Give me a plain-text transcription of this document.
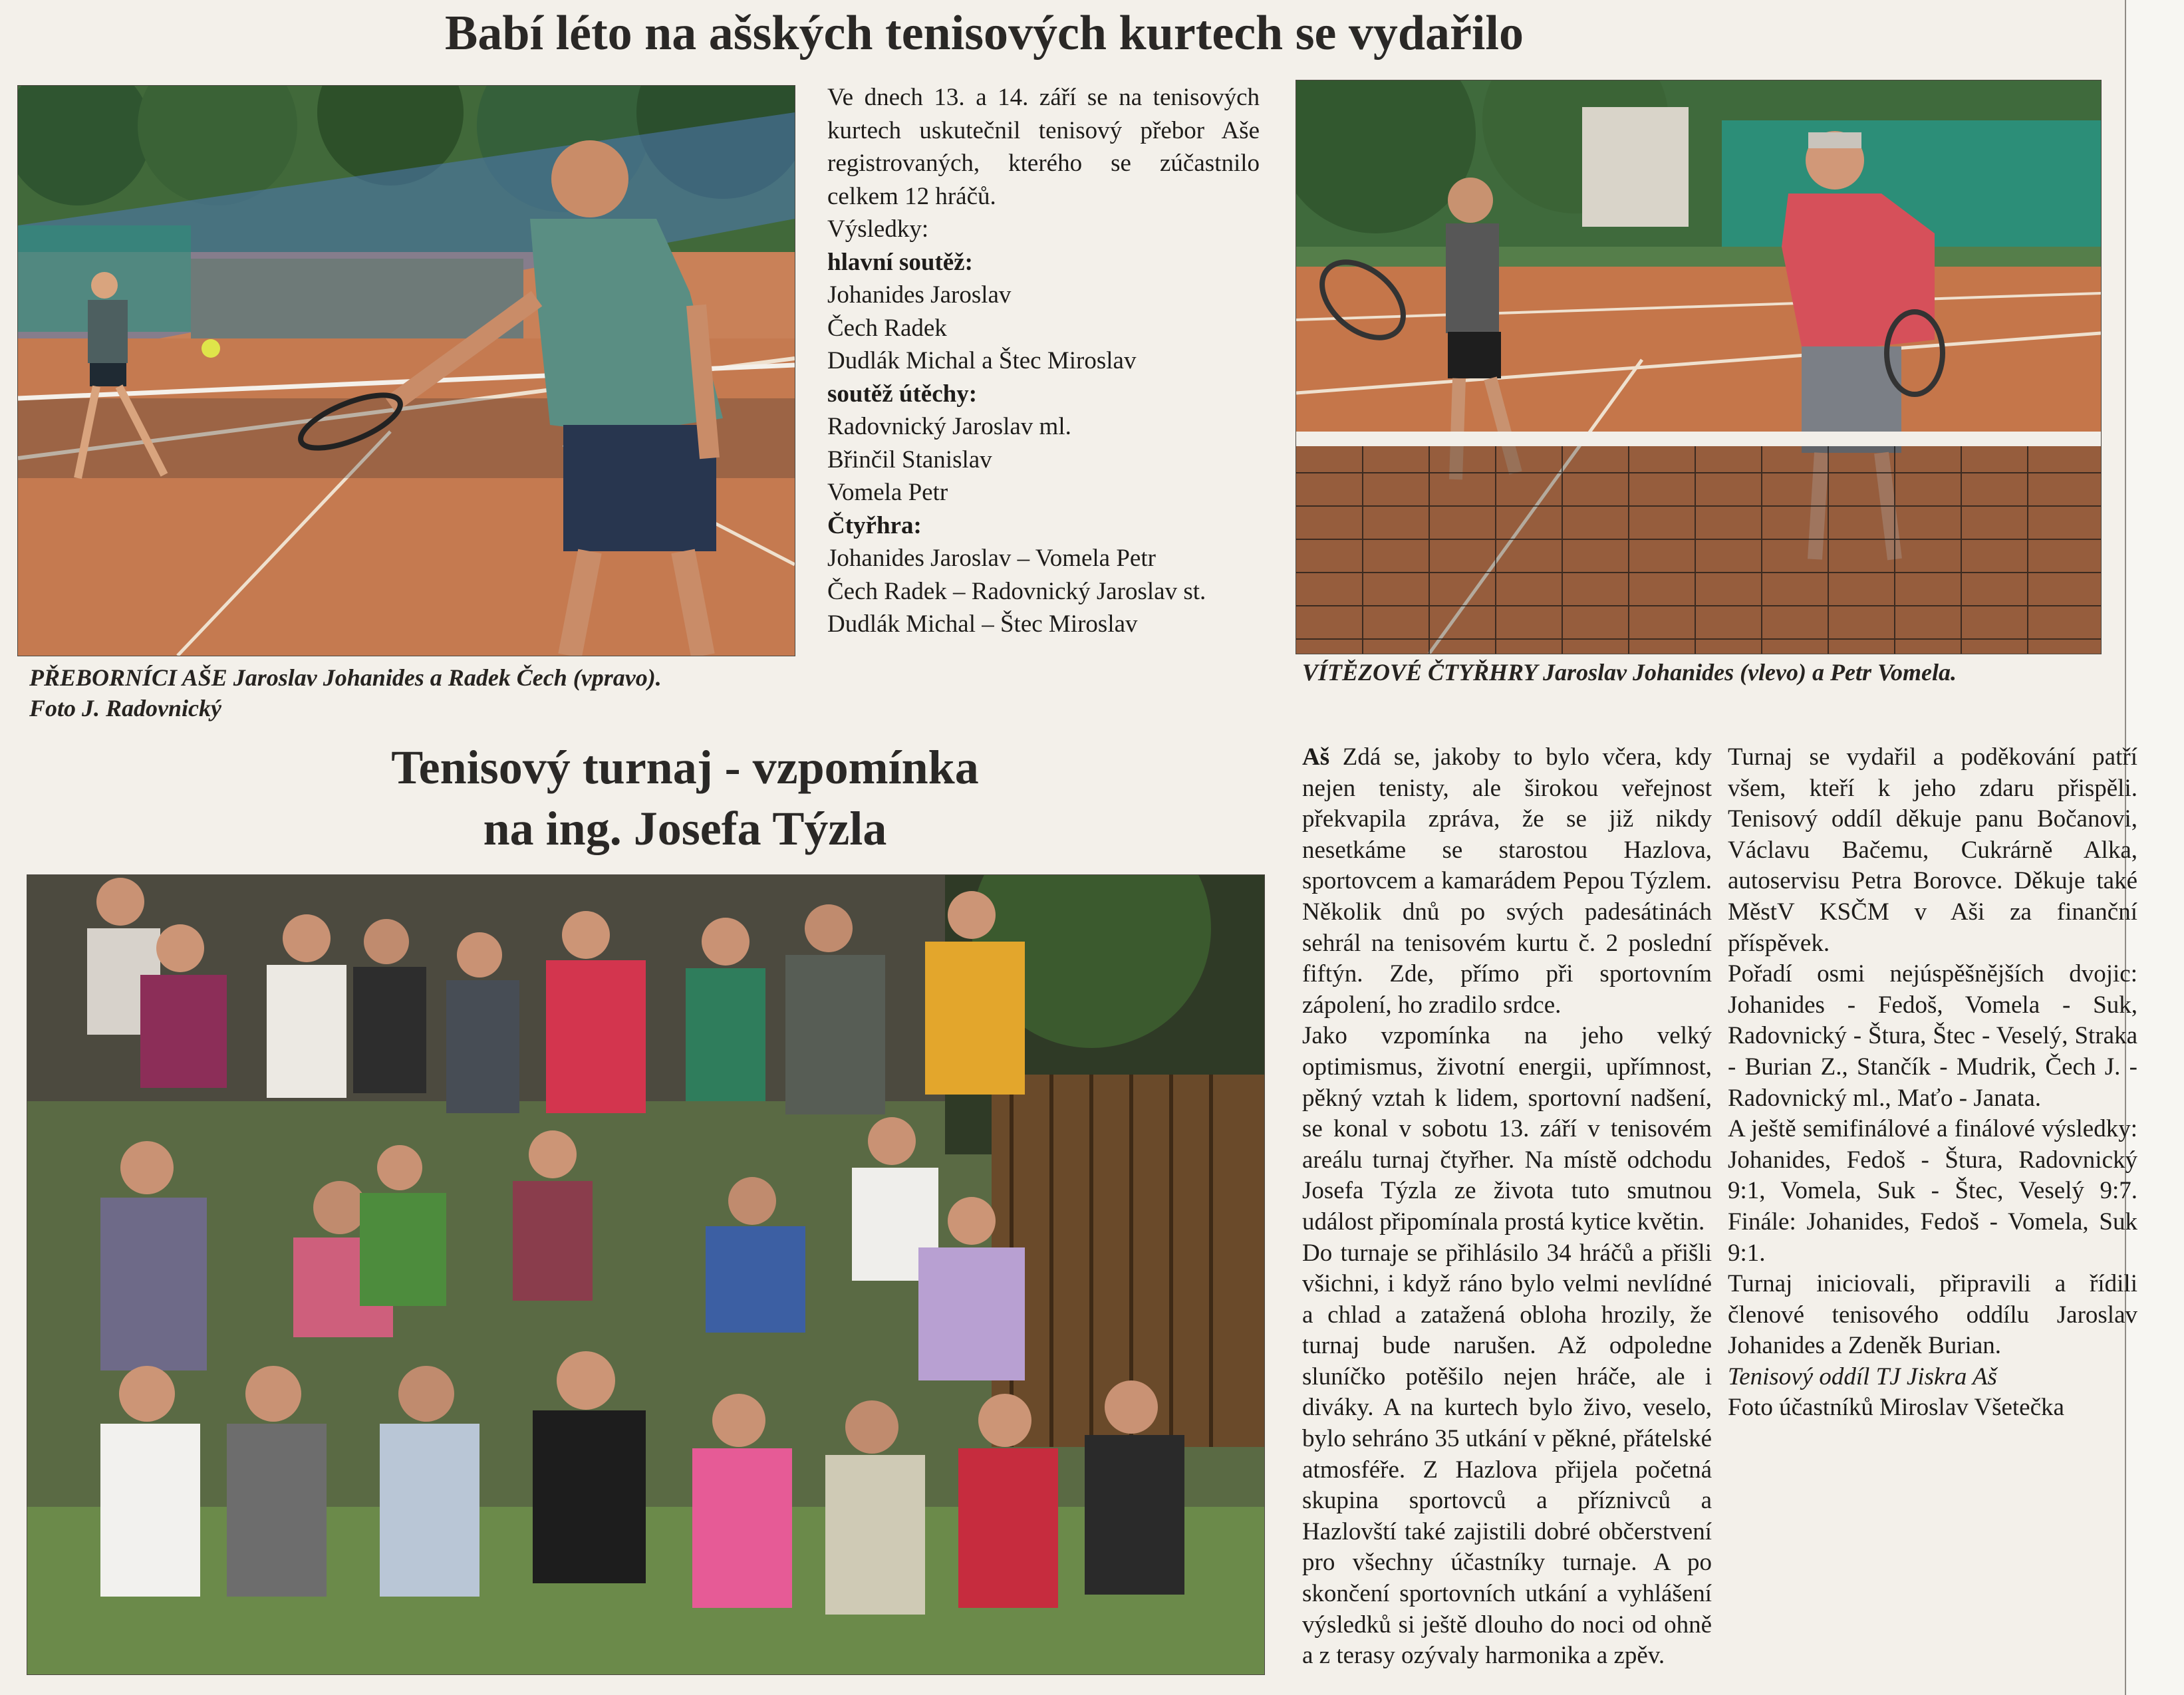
Babí léto na ašských tenisových kurtech se vydařilo

Ve dnech 13. a 14. září se na tenisových kurtech uskutečnil tenisový přebor Aše registrovaných, kterého se zúčastnilo celkem 12 hráčů.

Výsledky:

hlavní soutěž:

Johanides Jaroslav

Čech Radek

Dudlák Michal a Štec Miroslav

soutěž útěchy:

Radovnický Jaroslav ml.

Břinčil Stanislav

Vomela Petr

Čtyřhra:

Johanides Jaroslav – Vomela Petr

Čech Radek – Radovnický Jaroslav st.

Dudlák Michal – Štec Miroslav

PŘEBORNÍCI AŠE Jaroslav Johanides a Radek Čech (vpravo).
Foto J. Radovnický
VÍTĚZOVÉ ČTYŘHRY Jaroslav Johanides (vlevo) a Petr Vomela.
Tenisový turnaj - vzpomínka
na ing. Josefa Týzla

Aš Zdá se, jakoby to bylo včera, kdy nejen tenisty, ale širokou veřejnost překvapila zpráva, že se již nikdy nesetkáme se starostou Hazlova, sportovcem a kamarádem Pepou Týzlem. Několik dnů po svých padesátinách sehrál na tenisovém kurtu č. 2 poslední fiftýn. Zde, přímo při sportovním zápolení, ho zradilo srdce.

Jako vzpomínka na jeho velký optimismus, životní energii, upřímnost, pěkný vztah k lidem, sportovní nadšení, se konal v sobotu 13. září v tenisovém areálu turnaj čtyřher. Na místě odchodu Josefa Týzla ze života tuto smutnou událost připomínala prostá kytice květin.

Do turnaje se přihlásilo 34 hráčů a přišli všichni, i když ráno bylo velmi nevlídné a chlad a zatažená obloha hrozily, že turnaj bude narušen. Až odpoledne sluníčko potěšilo nejen hráče, ale i diváky. A na kurtech bylo živo, veselo, bylo sehráno 35 utkání v pěkné, přátelské atmosféře. Z Hazlova přijela početná skupina sportovců a příznivců a Hazlovští také zajistili dobré občerstvení pro všechny účastníky turnaje. A po skončení sportovních utkání a vyhlášení výsledků si ještě dlouho do noci od ohně a z terasy ozývaly harmonika a zpěv.

Turnaj se vydařil a poděkování patří všem, kteří k jeho zdaru přispěli. Tenisový oddíl děkuje panu Bočanovi, Václavu Bačemu, Cukrárně Alka, autoservisu Petra Borovce. Děkuje také MěstV KSČM v Aši za finanční příspěvek.

Pořadí osmi nejúspěšnějších dvojic: Johanides - Fedoš, Vomela - Suk, Radovnický - Štura, Štec - Veselý, Straka - Burian Z., Stančík - Mudrik, Čech J. - Radovnický ml., Maťo - Janata.

A ještě semifinálové a finálové výsledky: Johanides, Fedoš - Štura, Radovnický 9:1, Vomela, Suk - Štec, Veselý 9:7. Finále: Johanides, Fedoš - Vomela, Suk 9:1.

Turnaj iniciovali, připravili a řídili členové tenisového oddílu Jaroslav Johanides a Zdeněk Burian.

Tenisový oddíl TJ Jiskra Aš

Foto účastníků Miroslav Všetečka
